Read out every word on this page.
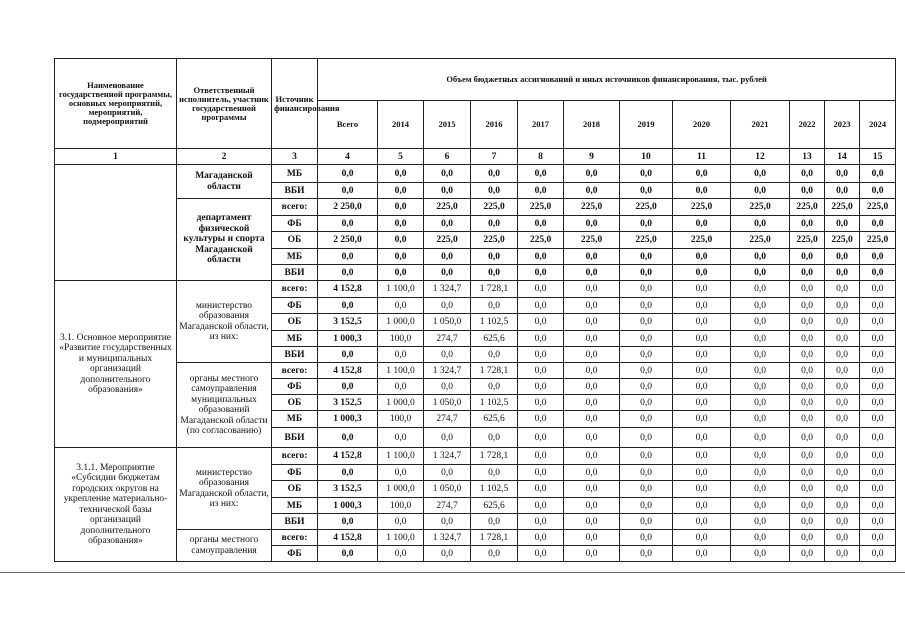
Наименование государственной программы, основных мероприятий, мероприятий, подмероприятий	Ответственный исполнитель, участник государственной программы	Источник финансирования	Объем бюджетных ассигнований и иных источников финансирования, тыс. рублей											
			Всего	2014	2015	2016	2017	2018	2019	2020	2021	2022	2023	2024
1	2	3	4	5	6	7	8	9	10	11	12	13	14	15
	Магаданской области	МБ	0,0	0,0	0,0	0,0	0,0	0,0	0,0	0,0	0,0	0,0	0,0	0,0
		ВБИ	0,0	0,0	0,0	0,0	0,0	0,0	0,0	0,0	0,0	0,0	0,0	0,0
	департамент физической культуры и спорта Магаданской области	всего:	2 250,0	0,0	225,0	225,0	225,0	225,0	225,0	225,0	225,0	225,0	225,0	225,0
		ФБ	0,0	0,0	0,0	0,0	0,0	0,0	0,0	0,0	0,0	0,0	0,0	0,0
		ОБ	2 250,0	0,0	225,0	225,0	225,0	225,0	225,0	225,0	225,0	225,0	225,0	225,0
		МБ	0,0	0,0	0,0	0,0	0,0	0,0	0,0	0,0	0,0	0,0	0,0	0,0
		ВБИ	0,0	0,0	0,0	0,0	0,0	0,0	0,0	0,0	0,0	0,0	0,0	0,0
3.1. Основное мероприятие «Развитие государственных и муниципальных организаций дополнительного образования»	министерство образования Магаданской области, из них:	всего:	4 152,8	1 100,0	1 324,7	1 728,1	0,0	0,0	0,0	0,0	0,0	0,0	0,0	0,0
		ФБ	0,0	0,0	0,0	0,0	0,0	0,0	0,0	0,0	0,0	0,0	0,0	0,0
		ОБ	3 152,5	1 000,0	1 050,0	1 102,5	0,0	0,0	0,0	0,0	0,0	0,0	0,0	0,0
		МБ	1 000,3	100,0	274,7	625,6	0,0	0,0	0,0	0,0	0,0	0,0	0,0	0,0
		ВБИ	0,0	0,0	0,0	0,0	0,0	0,0	0,0	0,0	0,0	0,0	0,0	0,0
	органы местного самоуправления муниципальных образований Магаданской области (по согласованию)	всего:	4 152,8	1 100,0	1 324,7	1 728,1	0,0	0,0	0,0	0,0	0,0	0,0	0,0	0,0
		ФБ	0,0	0,0	0,0	0,0	0,0	0,0	0,0	0,0	0,0	0,0	0,0	0,0
		ОБ	3 152,5	1 000,0	1 050,0	1 102,5	0,0	0,0	0,0	0,0	0,0	0,0	0,0	0,0
		МБ	1 000,3	100,0	274,7	625,6	0,0	0,0	0,0	0,0	0,0	0,0	0,0	0,0
		ВБИ	0,0	0,0	0,0	0,0	0,0	0,0	0,0	0,0	0,0	0,0	0,0	0,0
3.1.1. Мероприятие «Субсидии бюджетам городских округов на укрепление материально-технической базы организаций дополнительного образования»	министерство образования Магаданской области, из них:	всего:	4 152,8	1 100,0	1 324,7	1 728,1	0,0	0,0	0,0	0,0	0,0	0,0	0,0	0,0
		ФБ	0,0	0,0	0,0	0,0	0,0	0,0	0,0	0,0	0,0	0,0	0,0	0,0
		ОБ	3 152,5	1 000,0	1 050,0	1 102,5	0,0	0,0	0,0	0,0	0,0	0,0	0,0	0,0
		МБ	1 000,3	100,0	274,7	625,6	0,0	0,0	0,0	0,0	0,0	0,0	0,0	0,0
		ВБИ	0,0	0,0	0,0	0,0	0,0	0,0	0,0	0,0	0,0	0,0	0,0	0,0
	органы местного самоуправления	всего:	4 152,8	1 100,0	1 324,7	1 728,1	0,0	0,0	0,0	0,0	0,0	0,0	0,0	0,0
		ФБ	0,0	0,0	0,0	0,0	0,0	0,0	0,0	0,0	0,0	0,0	0,0	0,0
